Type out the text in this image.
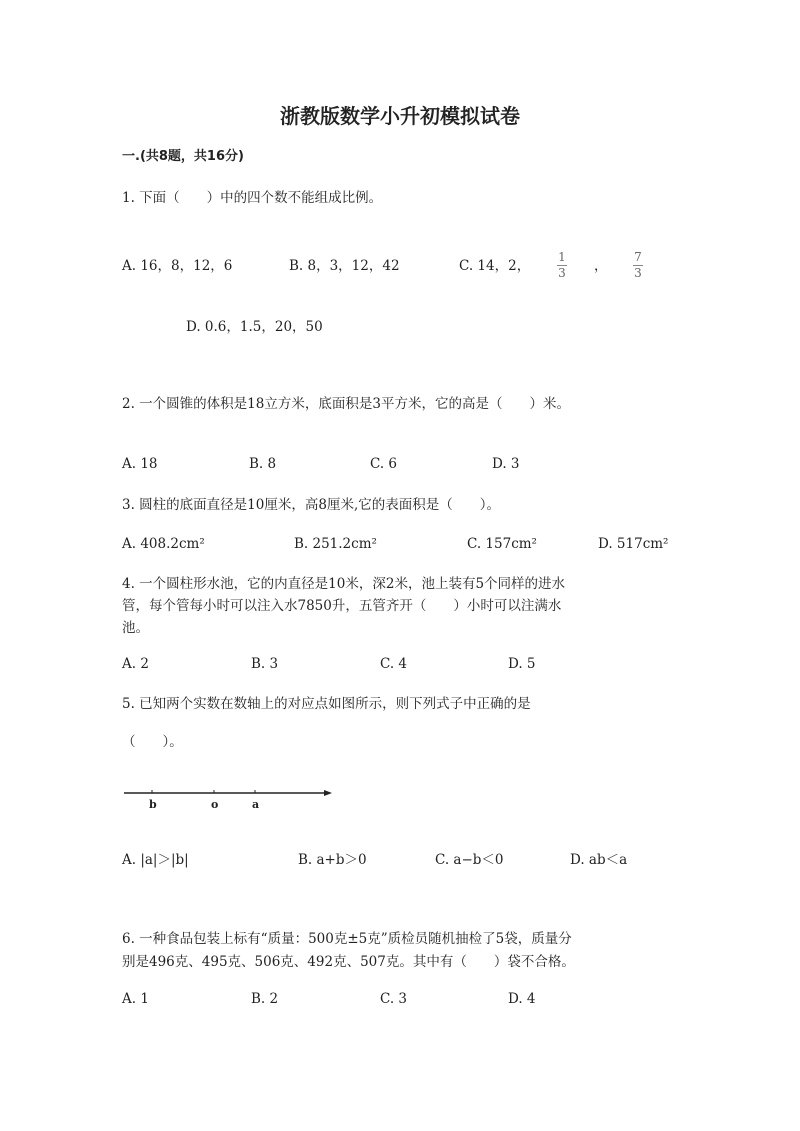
浙教版数学小升初模拟试卷
一.(共8题，共16分)
1. 下面（　　）中的四个数不能组成比例。
A. 16，8，12，6	B. 8，3，12，42	C. 14，2，
1
3 ，
7
3
D. 0.6，1.5，20，50
2. 一个圆锥的体积是18立方米，底面积是3平方米，它的高是（　　）米。
A. 18	B. 8	C. 6	D. 3
3. 圆柱的底面直径是10厘米，高8厘米,它的表面积是（　　）。
A. 408.2cm²	B. 251.2cm²	C. 157cm²	D. 517cm²
4. 一个圆柱形水池，它的内直径是10米，深2米，池上装有5个同样的进水
管，每个管每小时可以注入水7850升，五管齐开（　　）小时可以注满水
池。
A. 2	B. 3	C. 4	D. 5
5. 已知两个实数在数轴上的对应点如图所示，则下列式子中正确的是
（　　）。
b	o	a
A. |a|＞|b|	B. a+b＞0	C. a−b＜0	D. ab＜a
6. 一种食品包装上标有“质量：500克±5克”质检员随机抽检了5袋，质量分
别是496克、495克、506克、492克、507克。其中有（　　）袋不合格。
A. 1	B. 2	C. 3	D. 4
